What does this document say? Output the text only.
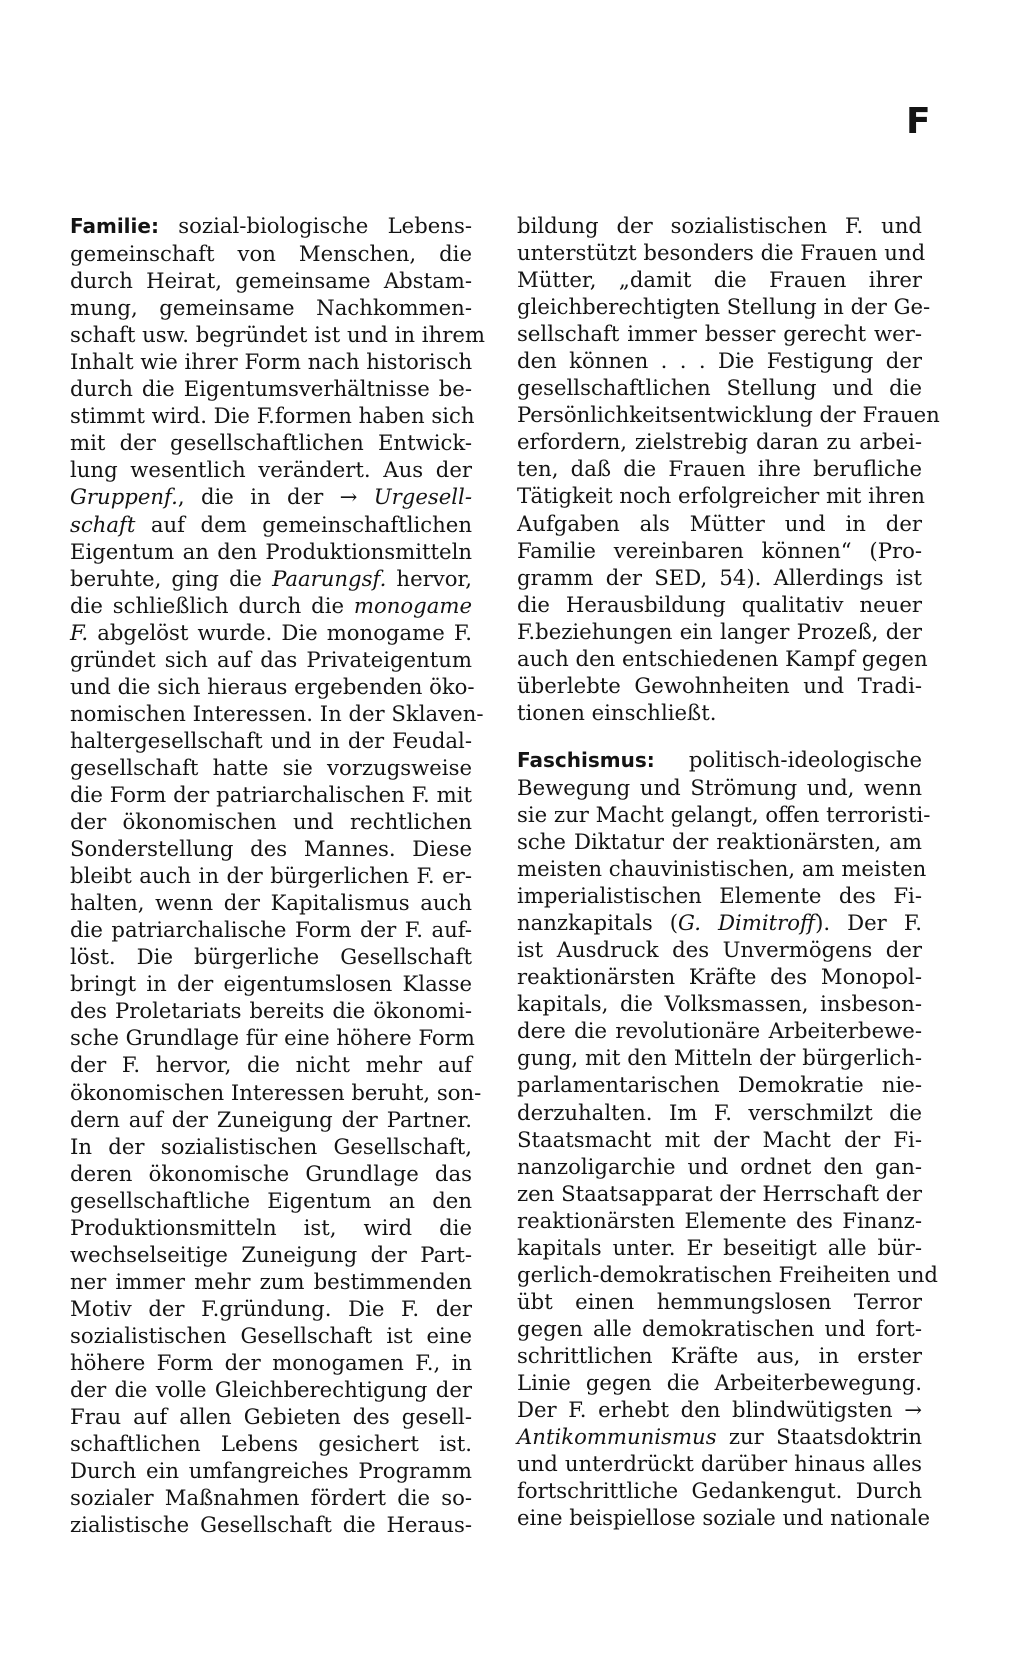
F
Familie: sozial-biologische Lebens-
gemeinschaft von Menschen, die
durch Heirat, gemeinsame Abstam-
mung, gemeinsame Nachkommen-
schaft usw. begründet ist und in ihrem
Inhalt wie ihrer Form nach historisch
durch die Eigentumsverhältnisse be-
stimmt wird. Die F.formen haben sich
mit der gesellschaftlichen Entwick-
lung wesentlich verändert. Aus der
Gruppenf., die in der → Urgesell-
schaft auf dem gemeinschaftlichen
Eigentum an den Produktionsmitteln
beruhte, ging die Paarungsf. hervor,
die schließlich durch die monogame
F. abgelöst wurde. Die monogame F.
gründet sich auf das Privateigentum
und die sich hieraus ergebenden öko-
nomischen Interessen. In der Sklaven-
haltergesellschaft und in der Feudal-
gesellschaft hatte sie vorzugsweise
die Form der patriarchalischen F. mit
der ökonomischen und rechtlichen
Sonderstellung des Mannes. Diese
bleibt auch in der bürgerlichen F. er-
halten, wenn der Kapitalismus auch
die patriarchalische Form der F. auf-
löst. Die bürgerliche Gesellschaft
bringt in der eigentumslosen Klasse
des Proletariats bereits die ökonomi-
sche Grundlage für eine höhere Form
der F. hervor, die nicht mehr auf
ökonomischen Interessen beruht, son-
dern auf der Zuneigung der Partner.
In der sozialistischen Gesellschaft,
deren ökonomische Grundlage das
gesellschaftliche Eigentum an den
Produktionsmitteln ist, wird die
wechselseitige Zuneigung der Part-
ner immer mehr zum bestimmenden
Motiv der F.gründung. Die F. der
sozialistischen Gesellschaft ist eine
höhere Form der monogamen F., in
der die volle Gleichberechtigung der
Frau auf allen Gebieten des gesell-
schaftlichen Lebens gesichert ist.
Durch ein umfangreiches Programm
sozialer Maßnahmen fördert die so-
zialistische Gesellschaft die Heraus-
bildung der sozialistischen F. und
unterstützt besonders die Frauen und
Mütter, „damit die Frauen ihrer
gleichberechtigten Stellung in der Ge-
sellschaft immer besser gerecht wer-
den können . . . Die Festigung der
gesellschaftlichen Stellung und die
Persönlichkeitsentwicklung der Frauen
erfordern, zielstrebig daran zu arbei-
ten, daß die Frauen ihre berufliche
Tätigkeit noch erfolgreicher mit ihren
Aufgaben als Mütter und in der
Familie vereinbaren können“ (Pro-
gramm der SED, 54). Allerdings ist
die Herausbildung qualitativ neuer
F.beziehungen ein langer Prozeß, der
auch den entschiedenen Kampf gegen
überlebte Gewohnheiten und Tradi-
tionen einschließt.
Faschismus: politisch-ideologische
Bewegung und Strömung und, wenn
sie zur Macht gelangt, offen terroristi-
sche Diktatur der reaktionärsten, am
meisten chauvinistischen, am meisten
imperialistischen Elemente des Fi-
nanzkapitals (G. Dimitroff). Der F.
ist Ausdruck des Unvermögens der
reaktionärsten Kräfte des Monopol-
kapitals, die Volksmassen, insbeson-
dere die revolutionäre Arbeiterbewe-
gung, mit den Mitteln der bürgerlich-
parlamentarischen Demokratie nie-
derzuhalten. Im F. verschmilzt die
Staatsmacht mit der Macht der Fi-
nanzoligarchie und ordnet den gan-
zen Staatsapparat der Herrschaft der
reaktionärsten Elemente des Finanz-
kapitals unter. Er beseitigt alle bür-
gerlich-demokratischen Freiheiten und
übt einen hemmungslosen Terror
gegen alle demokratischen und fort-
schrittlichen Kräfte aus, in erster
Linie gegen die Arbeiterbewegung.
Der F. erhebt den blindwütigsten →
Antikommunismus zur Staatsdoktrin
und unterdrückt darüber hinaus alles
fortschrittliche Gedankengut. Durch
eine beispiellose soziale und nationale
